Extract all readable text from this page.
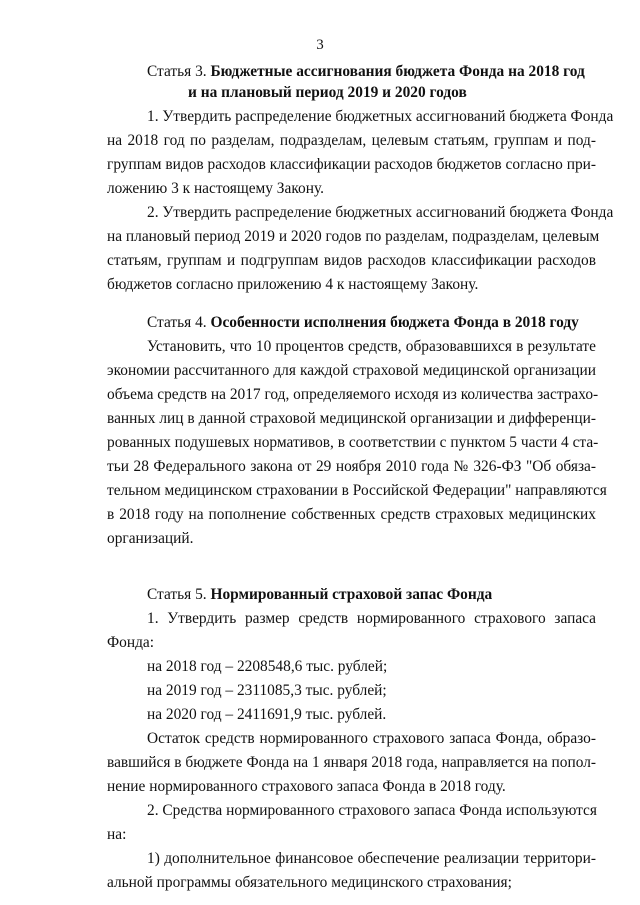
3
Статья 3. Бюджетные ассигнования бюджета Фонда на 2018 год
и на плановый период 2019 и 2020 годов
1. Утвердить распределение бюджетных ассигнований бюджета Фонда
на 2018 год по разделам, подразделам, целевым статьям, группам и под-
группам видов расходов классификации расходов бюджетов согласно при-
ложению 3 к настоящему Закону.
2. Утвердить распределение бюджетных ассигнований бюджета Фонда
на плановый период 2019 и 2020 годов по разделам, подразделам, целевым
статьям, группам и подгруппам видов расходов классификации расходов
бюджетов согласно приложению 4 к настоящему Закону.
Статья 4. Особенности исполнения бюджета Фонда в 2018 году
Установить, что 10 процентов средств, образовавшихся в результате
экономии рассчитанного для каждой страховой медицинской организации
объема средств на 2017 год, определяемого исходя из количества застрахо-
ванных лиц в данной страховой медицинской организации и дифференци-
рованных подушевых нормативов, в соответствии с пунктом 5 части 4 ста-
тьи 28 Федерального закона от 29 ноября 2010 года № 326-ФЗ "Об обяза-
тельном медицинском страховании в Российской Федерации" направляются
в 2018 году на пополнение собственных средств страховых медицинских
организаций.
Статья 5. Нормированный страховой запас Фонда
1. Утвердить размер средств нормированного страхового запаса
Фонда:
на 2018 год – 2208548,6 тыс. рублей;
на 2019 год – 2311085,3 тыс. рублей;
на 2020 год – 2411691,9 тыс. рублей.
Остаток средств нормированного страхового запаса Фонда, образо-
вавшийся в бюджете Фонда на 1 января 2018 года, направляется на попол-
нение нормированного страхового запаса Фонда в 2018 году.
2. Средства нормированного страхового запаса Фонда используются
на:
1) дополнительное финансовое обеспечение реализации территори-
альной программы обязательного медицинского страхования;
